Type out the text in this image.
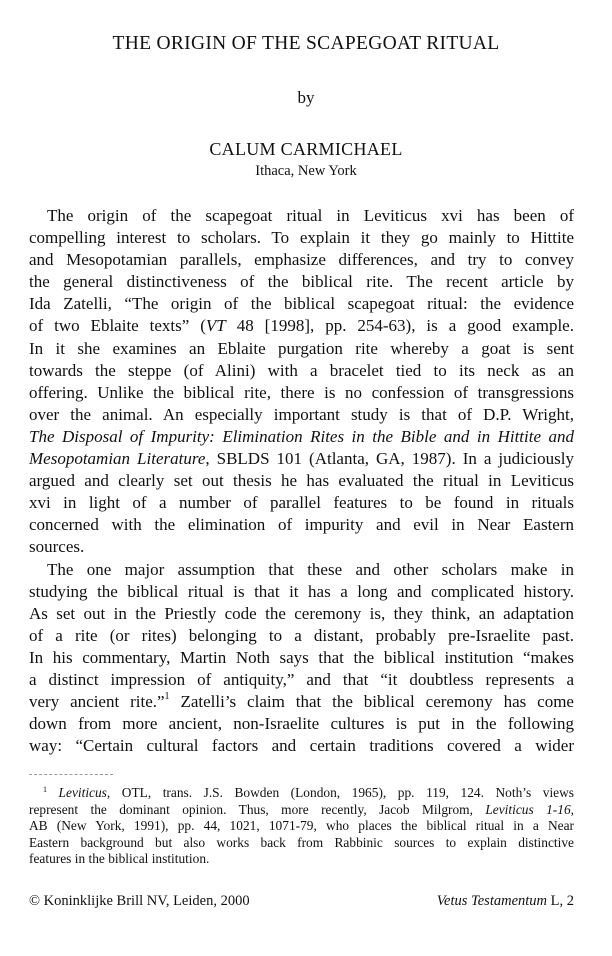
THE ORIGIN OF THE SCAPEGOAT RITUAL
by
CALUM CARMICHAEL
Ithaca, New York
The origin of the scapegoat ritual in Leviticus xvi has been of
compelling interest to scholars. To explain it they go mainly to Hittite
and Mesopotamian parallels, emphasize differences, and try to convey
the general distinctiveness of the biblical rite. The recent article by
Ida Zatelli, “The origin of the biblical scapegoat ritual: the evidence
of two Eblaite texts” (VT 48 [1998], pp. 254-63), is a good example.
In it she examines an Eblaite purgation rite whereby a goat is sent
towards the steppe (of Alini) with a bracelet tied to its neck as an
offering. Unlike the biblical rite, there is no confession of transgressions
over the animal. An especially important study is that of D.P. Wright,
The Disposal of Impurity: Elimination Rites in the Bible and in Hittite and
Mesopotamian Literature, SBLDS 101 (Atlanta, GA, 1987). In a judiciously
argued and clearly set out thesis he has evaluated the ritual in Leviticus
xvi in light of a number of parallel features to be found in rituals
concerned with the elimination of impurity and evil in Near Eastern
sources.
The one major assumption that these and other scholars make in
studying the biblical ritual is that it has a long and complicated history.
As set out in the Priestly code the ceremony is, they think, an adaptation
of a rite (or rites) belonging to a distant, probably pre-Israelite past.
In his commentary, Martin Noth says that the biblical institution “makes
a distinct impression of antiquity,” and that “it doubtless represents a
very ancient rite.”$^1$ Zatelli’s claim that the biblical ceremony has come
down from more ancient, non-Israelite cultures is put in the following
way: “Certain cultural factors and certain traditions covered a wider
$^1$ Leviticus, OTL, trans. J.S. Bowden (London, 1965), pp. 119, 124. Noth’s views
represent the dominant opinion. Thus, more recently, Jacob Milgrom, Leviticus 1-16,
AB (New York, 1991), pp. 44, 1021, 1071-79, who places the biblical ritual in a Near
Eastern background but also works back from Rabbinic sources to explain distinctive
features in the biblical institution.
© Koninklijke Brill NV, Leiden, 2000	Vetus Testamentum L, 2
